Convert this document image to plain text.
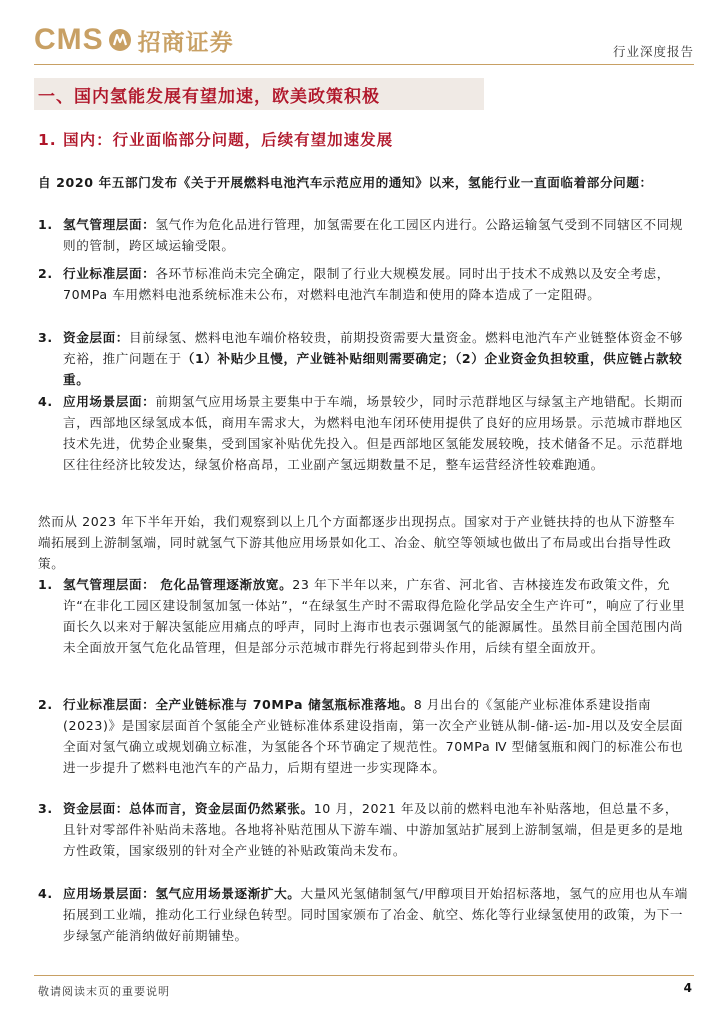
CMS 招商证券	行业深度报告
一、国内氢能发展有望加速，欧美政策积极
1. 国内：行业面临部分问题，后续有望加速发展
自 2020 年五部门发布《关于开展燃料电池汽车示范应用的通知》以来，氢能行业一直面临着部分问题：
1. 氢气管理层面：氢气作为危化品进行管理，加氢需要在化工园区内进行。公路运输氢气受到不同辖区不同规则的管制，跨区域运输受限。
2. 行业标准层面：各环节标准尚未完全确定，限制了行业大规模发展。同时出于技术不成熟以及安全考虑，70MPa 车用燃料电池系统标准未公布，对燃料电池汽车制造和使用的降本造成了一定阻碍。
3. 资金层面：目前绿氢、燃料电池车端价格较贵，前期投资需要大量资金。燃料电池汽车产业链整体资金不够充裕，推广问题在于（1）补贴少且慢，产业链补贴细则需要确定；（2）企业资金负担较重，供应链占款较重。
4. 应用场景层面：前期氢气应用场景主要集中于车端，场景较少，同时示范群地区与绿氢主产地错配。长期而言，西部地区绿氢成本低，商用车需求大，为燃料电池车闭环使用提供了良好的应用场景。示范城市群地区技术先进，优势企业聚集，受到国家补贴优先投入。但是西部地区氢能发展较晚，技术储备不足。示范群地区往往经济比较发达，绿氢价格高昂，工业副产氢远期数量不足，整车运营经济性较难跑通。
然而从 2023 年下半年开始，我们观察到以上几个方面都逐步出现拐点。国家对于产业链扶持的也从下游整车端拓展到上游制氢端，同时就氢气下游其他应用场景如化工、冶金、航空等领域也做出了布局或出台指导性政策。
1. 氢气管理层面： 危化品管理逐渐放宽。23 年下半年以来，广东省、河北省、吉林接连发布政策文件，允许“在非化工园区建设制氢加氢一体站”，“在绿氢生产时不需取得危险化学品安全生产许可”，响应了行业里面长久以来对于解决氢能应用痛点的呼声，同时上海市也表示强调氢气的能源属性。虽然目前全国范围内尚未全面放开氢气危化品管理，但是部分示范城市群先行将起到带头作用，后续有望全面放开。
2. 行业标准层面：全产业链标准与 70MPa 储氢瓶标准落地。8 月出台的《氢能产业标准体系建设指南(2023)》是国家层面首个氢能全产业链标准体系建设指南，第一次全产业链从制-储-运-加-用以及安全层面全面对氢气确立或规划确立标准，为氢能各个环节确定了规范性。70MPa Ⅳ 型储氢瓶和阀门的标准公布也进一步提升了燃料电池汽车的产品力，后期有望进一步实现降本。
3. 资金层面：总体而言，资金层面仍然紧张。10 月，2021 年及以前的燃料电池车补贴落地，但总量不多，且针对零部件补贴尚未落地。各地将补贴范围从下游车端、中游加氢站扩展到上游制氢端，但是更多的是地方性政策，国家级别的针对全产业链的补贴政策尚未发布。
4. 应用场景层面：氢气应用场景逐渐扩大。大量风光氢储制氢气/甲醇项目开始招标落地，氢气的应用也从车端拓展到工业端，推动化工行业绿色转型。同时国家颁布了冶金、航空、炼化等行业绿氢使用的政策，为下一步绿氢产能消纳做好前期铺垫。
敬请阅读末页的重要说明	4
